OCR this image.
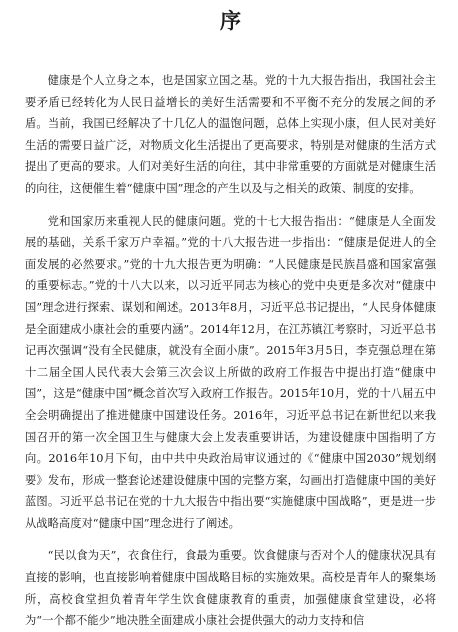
序

健康是个人立身之本，也是国家立国之基。党的十九大报告指出，我国社会主要矛盾已经转化为人民日益增长的美好生活需要和不平衡不充分的发展之间的矛盾。当前，我国已经解决了十几亿人的温饱问题，总体上实现小康，但人民对美好生活的需要日益广泛，对物质文化生活提出了更高要求，特别是对健康的生活方式提出了更高的要求。人们对美好生活的向往，其中非常重要的方面就是对健康生活的向往，这便催生着“健康中国”理念的产生以及与之相关的政策、制度的安排。

党和国家历来重视人民的健康问题。党的十七大报告指出：“健康是人全面发展的基础，关系千家万户幸福。”党的十八大报告进一步指出：“健康是促进人的全面发展的必然要求。”党的十九大报告更为明确：“人民健康是民族昌盛和国家富强的重要标志。”党的十八大以来，以习近平同志为核心的党中央更是多次对“健康中国”理念进行探索、谋划和阐述。2013年8月，习近平总书记提出，“人民身体健康是全面建成小康社会的重要内涵”。2014年12月，在江苏镇江考察时，习近平总书记再次强调“没有全民健康，就没有全面小康”。2015年3月5日，李克强总理在第十二届全国人民代表大会第三次会议上所做的政府工作报告中提出打造“健康中国”，这是“健康中国”概念首次写入政府工作报告。2015年10月，党的十八届五中全会明确提出了推进健康中国建设任务。2016年，习近平总书记在新世纪以来我国召开的第一次全国卫生与健康大会上发表重要讲话，为建设健康中国指明了方向。2016年10月下旬，由中共中央政治局审议通过的《“健康中国2030”规划纲要》发布，形成一整套论述建设健康中国的完整方案，勾画出打造健康中国的美好蓝图。习近平总书记在党的十九大报告中指出要“实施健康中国战略”，更是进一步从战略高度对“健康中国”理念进行了阐述。

“民以食为天”，衣食住行，食最为重要。饮食健康与否对个人的健康状况具有直接的影响，也直接影响着健康中国战略目标的实施效果。高校是青年人的聚集场所，高校食堂担负着青年学生饮食健康教育的重责，加强健康食堂建设，必将为“一个都不能少”地决胜全面建成小康社会提供强大的动力支持和信
